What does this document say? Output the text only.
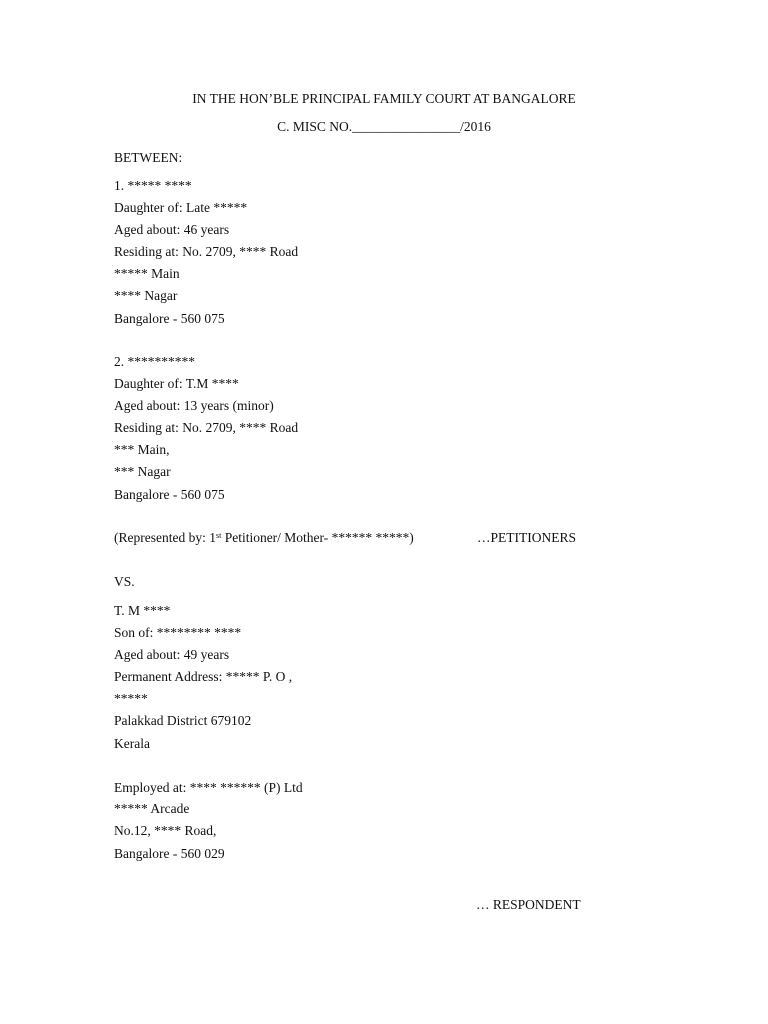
IN THE HON’BLE PRINCIPAL FAMILY COURT AT BANGALORE
C. MISC NO.________________/2016
BETWEEN:
1. ***** ****
Daughter of: Late *****
Aged about: 46 years
Residing at: No. 2709, **** Road
***** Main
**** Nagar
Bangalore - 560 075
2. **********
Daughter of: T.M ****
Aged about: 13 years (minor)
Residing at: No. 2709, **** Road
*** Main,
*** Nagar
Bangalore - 560 075
(Represented by: 1st Petitioner/ Mother- ****** *****)	…PETITIONERS
VS.
T. M ****
Son of: ******** ****
Aged about: 49 years
Permanent Address: ***** P. O ,
*****
Palakkad District 679102
Kerala
Employed at: **** ****** (P) Ltd
***** Arcade
No.12, **** Road,
Bangalore - 560 029
… RESPONDENT
